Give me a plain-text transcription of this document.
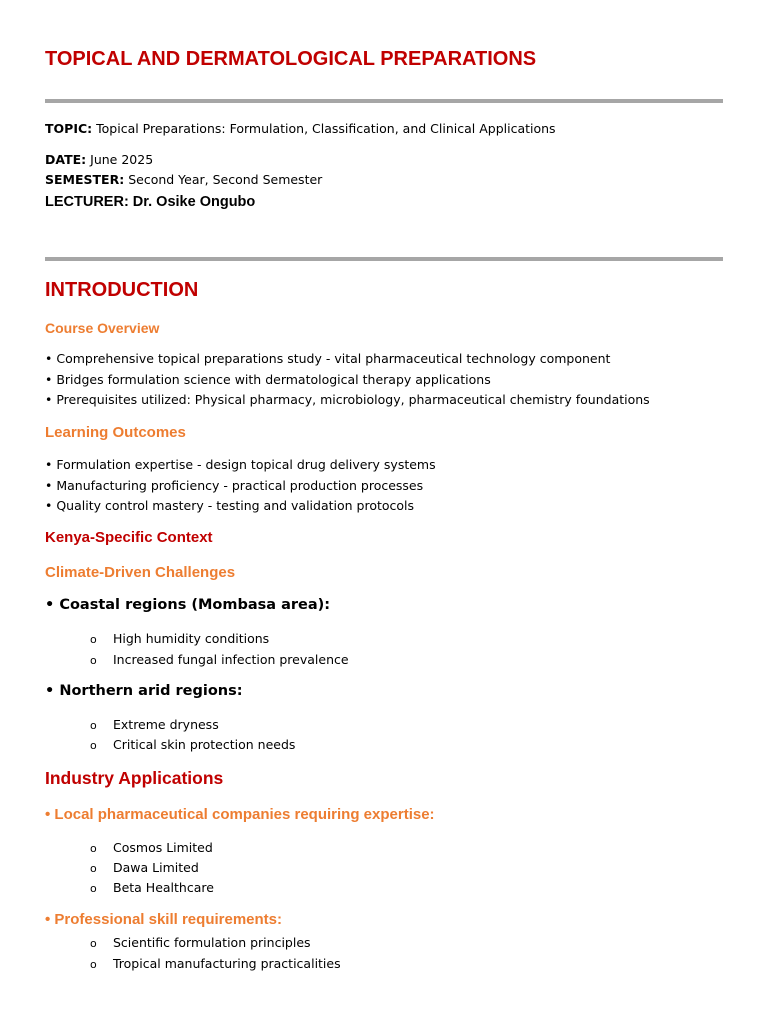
TOPICAL AND DERMATOLOGICAL PREPARATIONS
TOPIC: Topical Preparations: Formulation, Classification, and Clinical Applications
DATE: June 2025
SEMESTER: Second Year, Second Semester
LECTURER: Dr. Osike Ongubo
INTRODUCTION
Course Overview
• Comprehensive topical preparations study - vital pharmaceutical technology component
• Bridges formulation science with dermatological therapy applications
• Prerequisites utilized: Physical pharmacy, microbiology, pharmaceutical chemistry foundations
Learning Outcomes
• Formulation expertise - design topical drug delivery systems
• Manufacturing proficiency - practical production processes
• Quality control mastery - testing and validation protocols
Kenya-Specific Context
Climate-Driven Challenges
• Coastal regions (Mombasa area):
o High humidity conditions
o Increased fungal infection prevalence
• Northern arid regions:
o Extreme dryness
o Critical skin protection needs
Industry Applications
• Local pharmaceutical companies requiring expertise:
o Cosmos Limited
o Dawa Limited
o Beta Healthcare
• Professional skill requirements:
o Scientific formulation principles
o Tropical manufacturing practicalities
